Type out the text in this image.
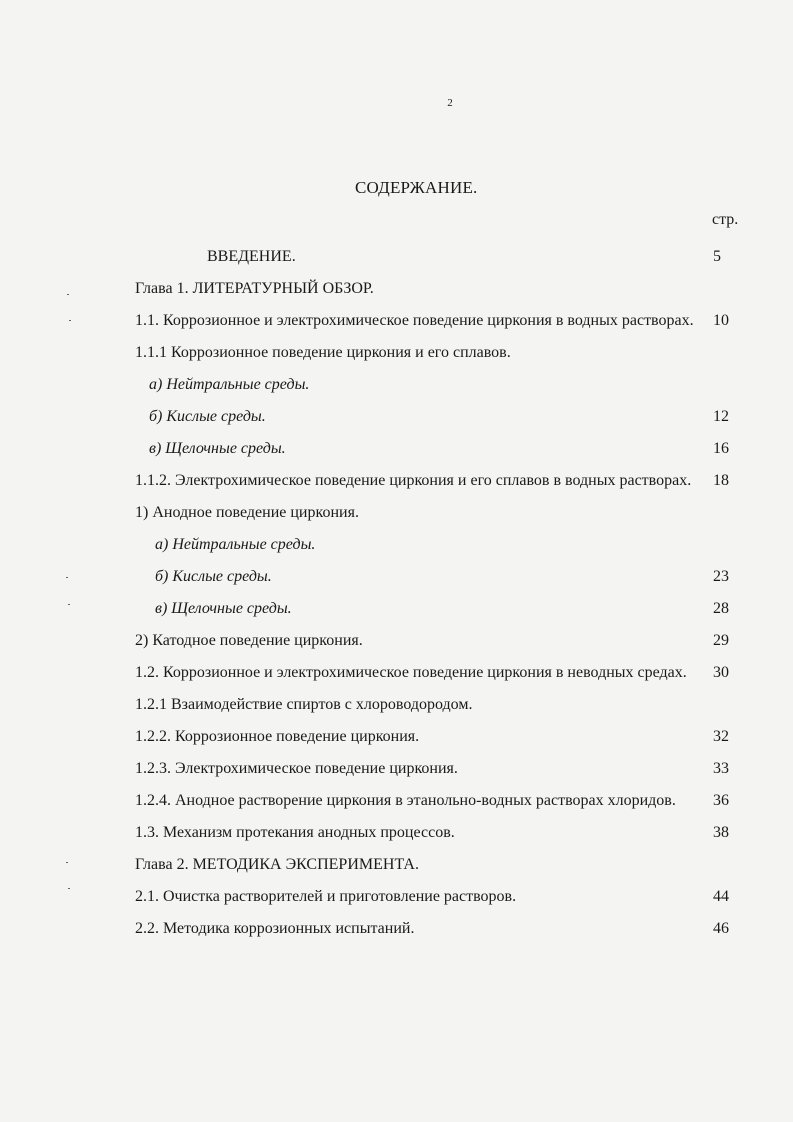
2
СОДЕРЖАНИЕ.
стр.
ВВЕДЕНИЕ.	5
Глава 1. ЛИТЕРАТУРНЫЙ ОБЗОР.
1.1. Коррозионное и электрохимическое поведение циркония в водных растворах. 10
1.1.1 Коррозионное поведение циркония и его сплавов.
а) Нейтральные среды.
б) Кислые среды.	12
в) Щелочные среды.	16
1.1.2. Электрохимическое поведение циркония и его сплавов в водных растворах.	18
1) Анодное поведение циркония.
а) Нейтральные среды.
б) Кислые среды.	23
в) Щелочные среды.	28
2) Катодное поведение циркония.	29
1.2. Коррозионное и электрохимическое поведение циркония в неводных средах.	30
1.2.1 Взаимодействие спиртов с хлороводородом.
1.2.2. Коррозионное поведение циркония.	32
1.2.3. Электрохимическое поведение циркония.	33
1.2.4. Анодное растворение циркония в этанольно-водных растворах хлоридов.	36
1.3. Механизм протекания анодных процессов.	38
Глава 2. МЕТОДИКА ЭКСПЕРИМЕНТА.
2.1. Очистка растворителей и приготовление растворов.	44
2.2. Методика коррозионных испытаний.	46
